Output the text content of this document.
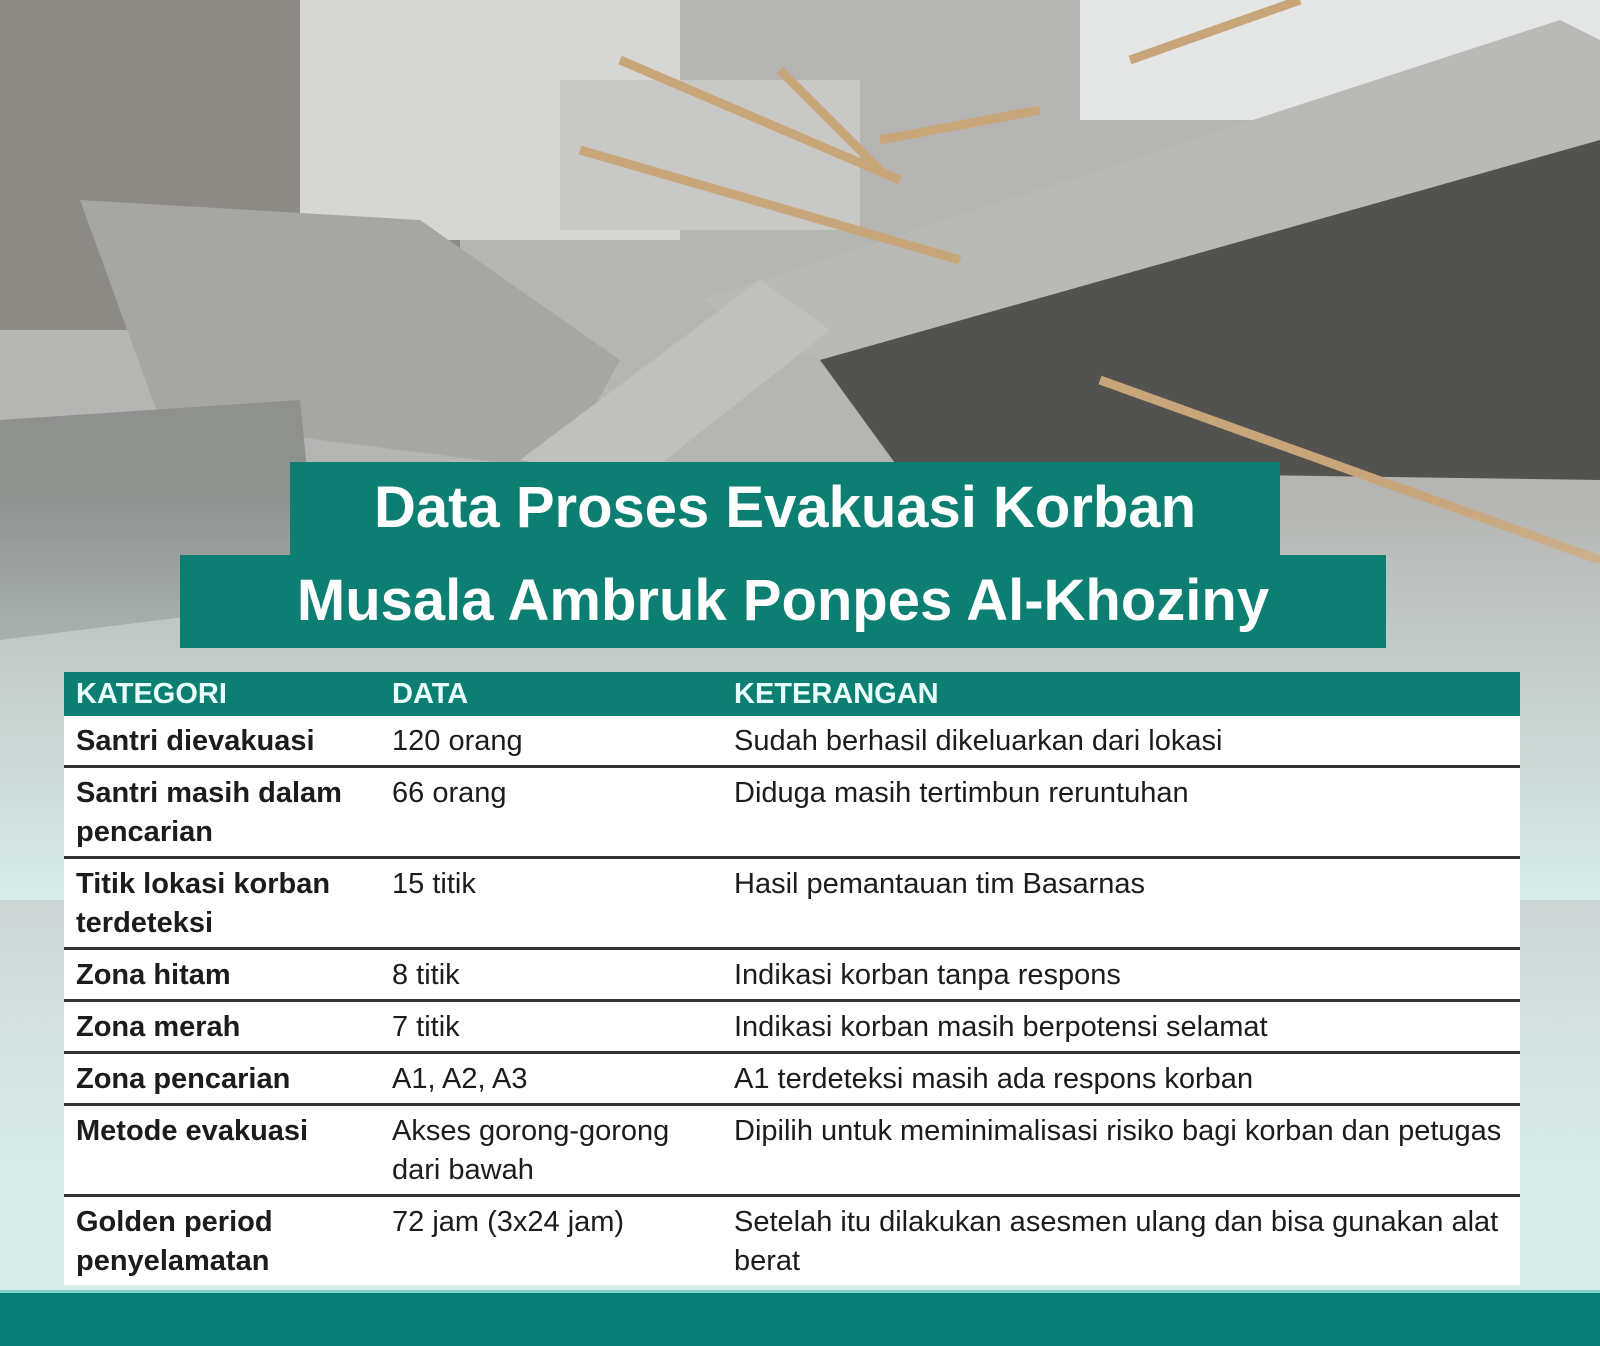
Data Proses Evakuasi Korban
Musala Ambruk Ponpes Al-Khoziny
KATEGORI	DATA	KETERANGAN
Santri dievakuasi	120 orang	Sudah berhasil dikeluarkan dari lokasi
Santri masih dalam pencarian	66 orang	Diduga masih tertimbun reruntuhan
Titik lokasi korban terdeteksi	15 titik	Hasil pemantauan tim Basarnas
Zona hitam	8 titik	Indikasi korban tanpa respons
Zona merah	7 titik	Indikasi korban masih berpotensi selamat
Zona pencarian	A1, A2, A3	A1 terdeteksi masih ada respons korban
Metode evakuasi	Akses gorong-gorong dari bawah	Dipilih untuk meminimalisasi risiko bagi korban dan petugas
Golden period penyelamatan	72 jam (3x24 jam)	Setelah itu dilakukan asesmen ulang dan bisa gunakan alat berat
